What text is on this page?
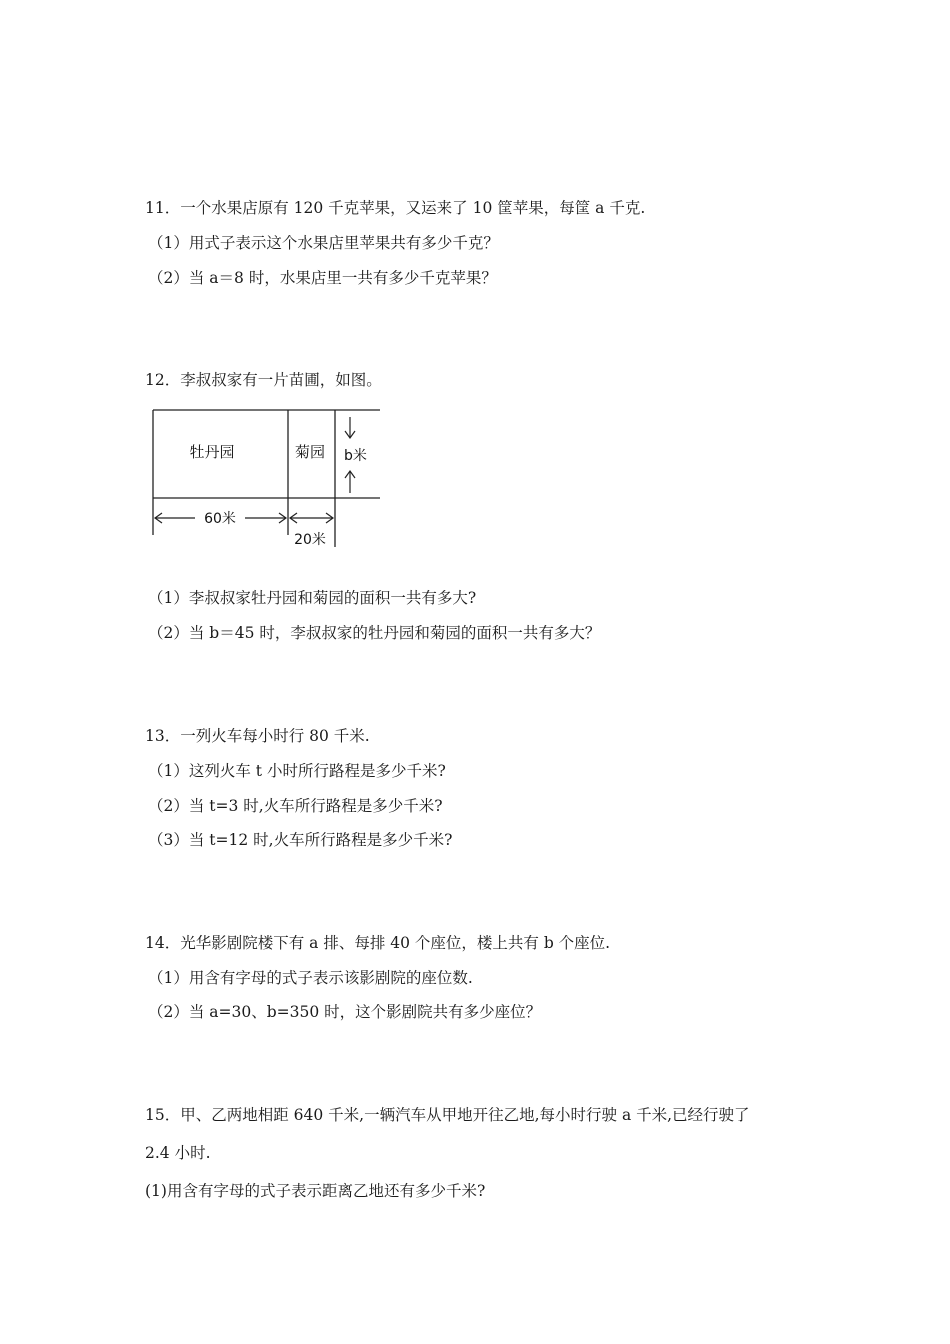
11．一个水果店原有 120 千克苹果，又运来了 10 筐苹果，每筐 a 千克.
（1）用式子表示这个水果店里苹果共有多少千克？
（2）当 a＝8 时，水果店里一共有多少千克苹果？
12．李叔叔家有一片苗圃，如图。
牡丹园	菊园 b米
60米
20米
（1）李叔叔家牡丹园和菊园的面积一共有多大?
（2）当 b＝45 时，李叔叔家的牡丹园和菊园的面积一共有多大？
13．一列火车每小时行 80 千米.
（1）这列火车 t 小时所行路程是多少千米?
（2）当 t=3 时,火车所行路程是多少千米?
（3）当 t=12 时,火车所行路程是多少千米?
14．光华影剧院楼下有 a 排、每排 40 个座位，楼上共有 b 个座位.
（1）用含有字母的式子表示该影剧院的座位数.
（2）当 a=30、b=350 时，这个影剧院共有多少座位？
15．甲、乙两地相距 640 千米,一辆汽车从甲地开往乙地,每小时行驶 a 千米,已经行驶了
2.4 小时.
(1)用含有字母的式子表示距离乙地还有多少千米?
